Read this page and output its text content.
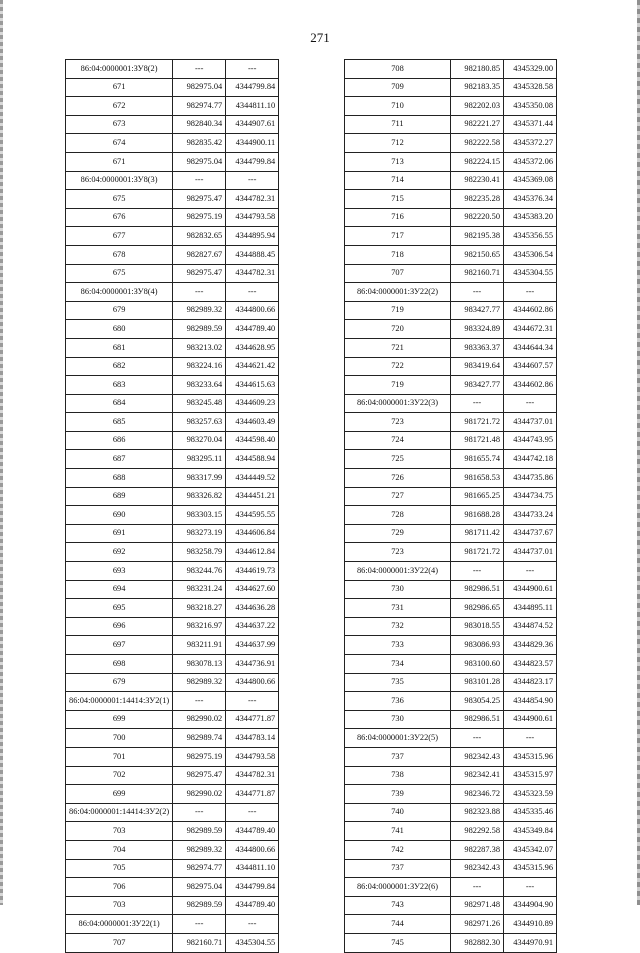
271
86:04:0000001:ЗУ8(2)	---	---
671	982975.04	4344799.84
672	982974.77	4344811.10
673	982840.34	4344907.61
674	982835.42	4344900.11
671	982975.04	4344799.84
86:04:0000001:ЗУ8(3)	---	---
675	982975.47	4344782.31
676	982975.19	4344793.58
677	982832.65	4344895.94
678	982827.67	4344888.45
675	982975.47	4344782.31
86:04:0000001:ЗУ8(4)	---	---
679	982989.32	4344800.66
680	982989.59	4344789.40
681	983213.02	4344628.95
682	983224.16	4344621.42
683	983233.64	4344615.63
684	983245.48	4344609.23
685	983257.63	4344603.49
686	983270.04	4344598.40
687	983295.11	4344588.94
688	983317.99	4344449.52
689	983326.82	4344451.21
690	983303.15	4344595.55
691	983273.19	4344606.84
692	983258.79	4344612.84
693	983244.76	4344619.73
694	983231.24	4344627.60
695	983218.27	4344636.28
696	983216.97	4344637.22
697	983211.91	4344637.99
698	983078.13	4344736.91
679	982989.32	4344800.66
86:04:0000001:14414:ЗУ2(1)	---	---
699	982990.02	4344771.87
700	982989.74	4344783.14
701	982975.19	4344793.58
702	982975.47	4344782.31
699	982990.02	4344771.87
86:04:0000001:14414:ЗУ2(2)	---	---
703	982989.59	4344789.40
704	982989.32	4344800.66
705	982974.77	4344811.10
706	982975.04	4344799.84
703	982989.59	4344789.40
86:04:0000001:ЗУ22(1)	---	---
707	982160.71	4345304.55
708	982180.85	4345329.00
709	982183.35	4345328.58
710	982202.03	4345350.08
711	982221.27	4345371.44
712	982222.58	4345372.27
713	982224.15	4345372.06
714	982230.41	4345369.08
715	982235.28	4345376.34
716	982220.50	4345383.20
717	982195.38	4345356.55
718	982150.65	4345306.54
707	982160.71	4345304.55
86:04:0000001:ЗУ22(2)	---	---
719	983427.77	4344602.86
720	983324.89	4344672.31
721	983363.37	4344644.34
722	983419.64	4344607.57
719	983427.77	4344602.86
86:04:0000001:ЗУ22(3)	---	---
723	981721.72	4344737.01
724	981721.48	4344743.95
725	981655.74	4344742.18
726	981658.53	4344735.86
727	981665.25	4344734.75
728	981688.28	4344733.24
729	981711.42	4344737.67
723	981721.72	4344737.01
86:04:0000001:ЗУ22(4)	---	---
730	982986.51	4344900.61
731	982986.65	4344895.11
732	983018.55	4344874.52
733	983086.93	4344829.36
734	983100.60	4344823.57
735	983101.28	4344823.17
736	983054.25	4344854.90
730	982986.51	4344900.61
86:04:0000001:ЗУ22(5)	---	---
737	982342.43	4345315.96
738	982342.41	4345315.97
739	982346.72	4345323.59
740	982323.88	4345335.46
741	982292.58	4345349.84
742	982287.38	4345342.07
737	982342.43	4345315.96
86:04:0000001:ЗУ22(6)	---	---
743	982971.48	4344904.90
744	982971.26	4344910.89
745	982882.30	4344970.91
